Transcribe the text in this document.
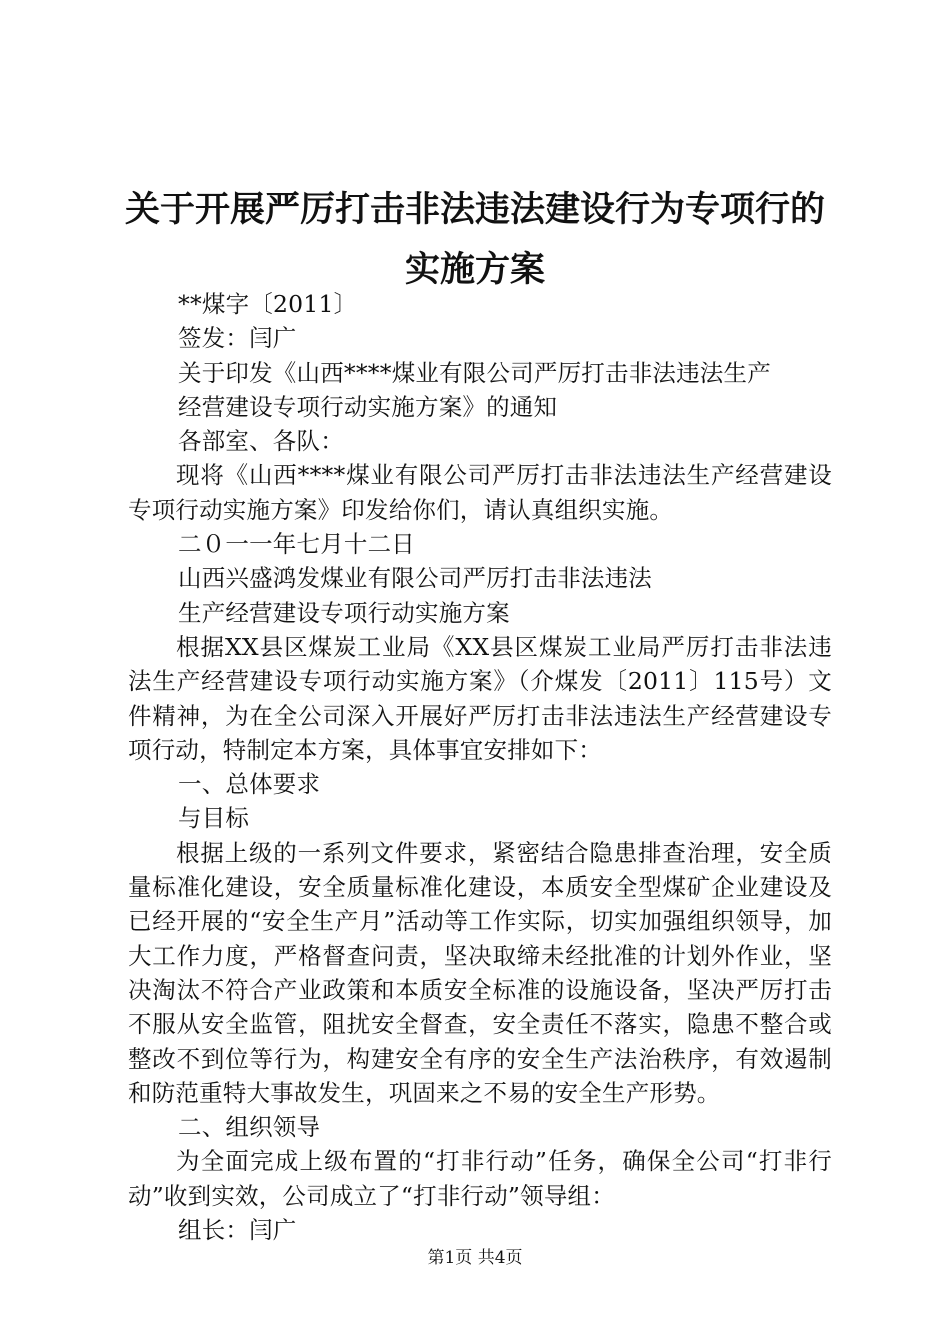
关于开展严厉打击非法违法建设行为专项行的
实施方案
**煤字〔2011〕
签发：闫广
关于印发《山西****煤业有限公司严厉打击非法违法生产
经营建设专项行动实施方案》的通知
各部室、各队：
现将《山西****煤业有限公司严厉打击非法违法生产经营建设专项行动实施方案》印发给你们，请认真组织实施。
二０一一年七月十二日
山西兴盛鸿发煤业有限公司严厉打击非法违法
生产经营建设专项行动实施方案
根据XX县区煤炭工业局《XX县区煤炭工业局严厉打击非法违法生产经营建设专项行动实施方案》（介煤发〔2011〕115号）文件精神，为在全公司深入开展好严厉打击非法违法生产经营建设专项行动，特制定本方案，具体事宜安排如下：
一、总体要求
与目标
根据上级的一系列文件要求，紧密结合隐患排查治理，安全质量标准化建设，安全质量标准化建设，本质安全型煤矿企业建设及已经开展的“安全生产月”活动等工作实际，切实加强组织领导，加大工作力度，严格督查问责，坚决取缔未经批准的计划外作业，坚决淘汰不符合产业政策和本质安全标准的设施设备，坚决严厉打击不服从安全监管，阻扰安全督查，安全责任不落实，隐患不整合或整改不到位等行为，构建安全有序的安全生产法治秩序，有效遏制和防范重特大事故发生，巩固来之不易的安全生产形势。
二、组织领导
为全面完成上级布置的“打非行动”任务，确保全公司“打非行动”收到实效，公司成立了“打非行动”领导组：
组长：闫广
第1页 共4页
